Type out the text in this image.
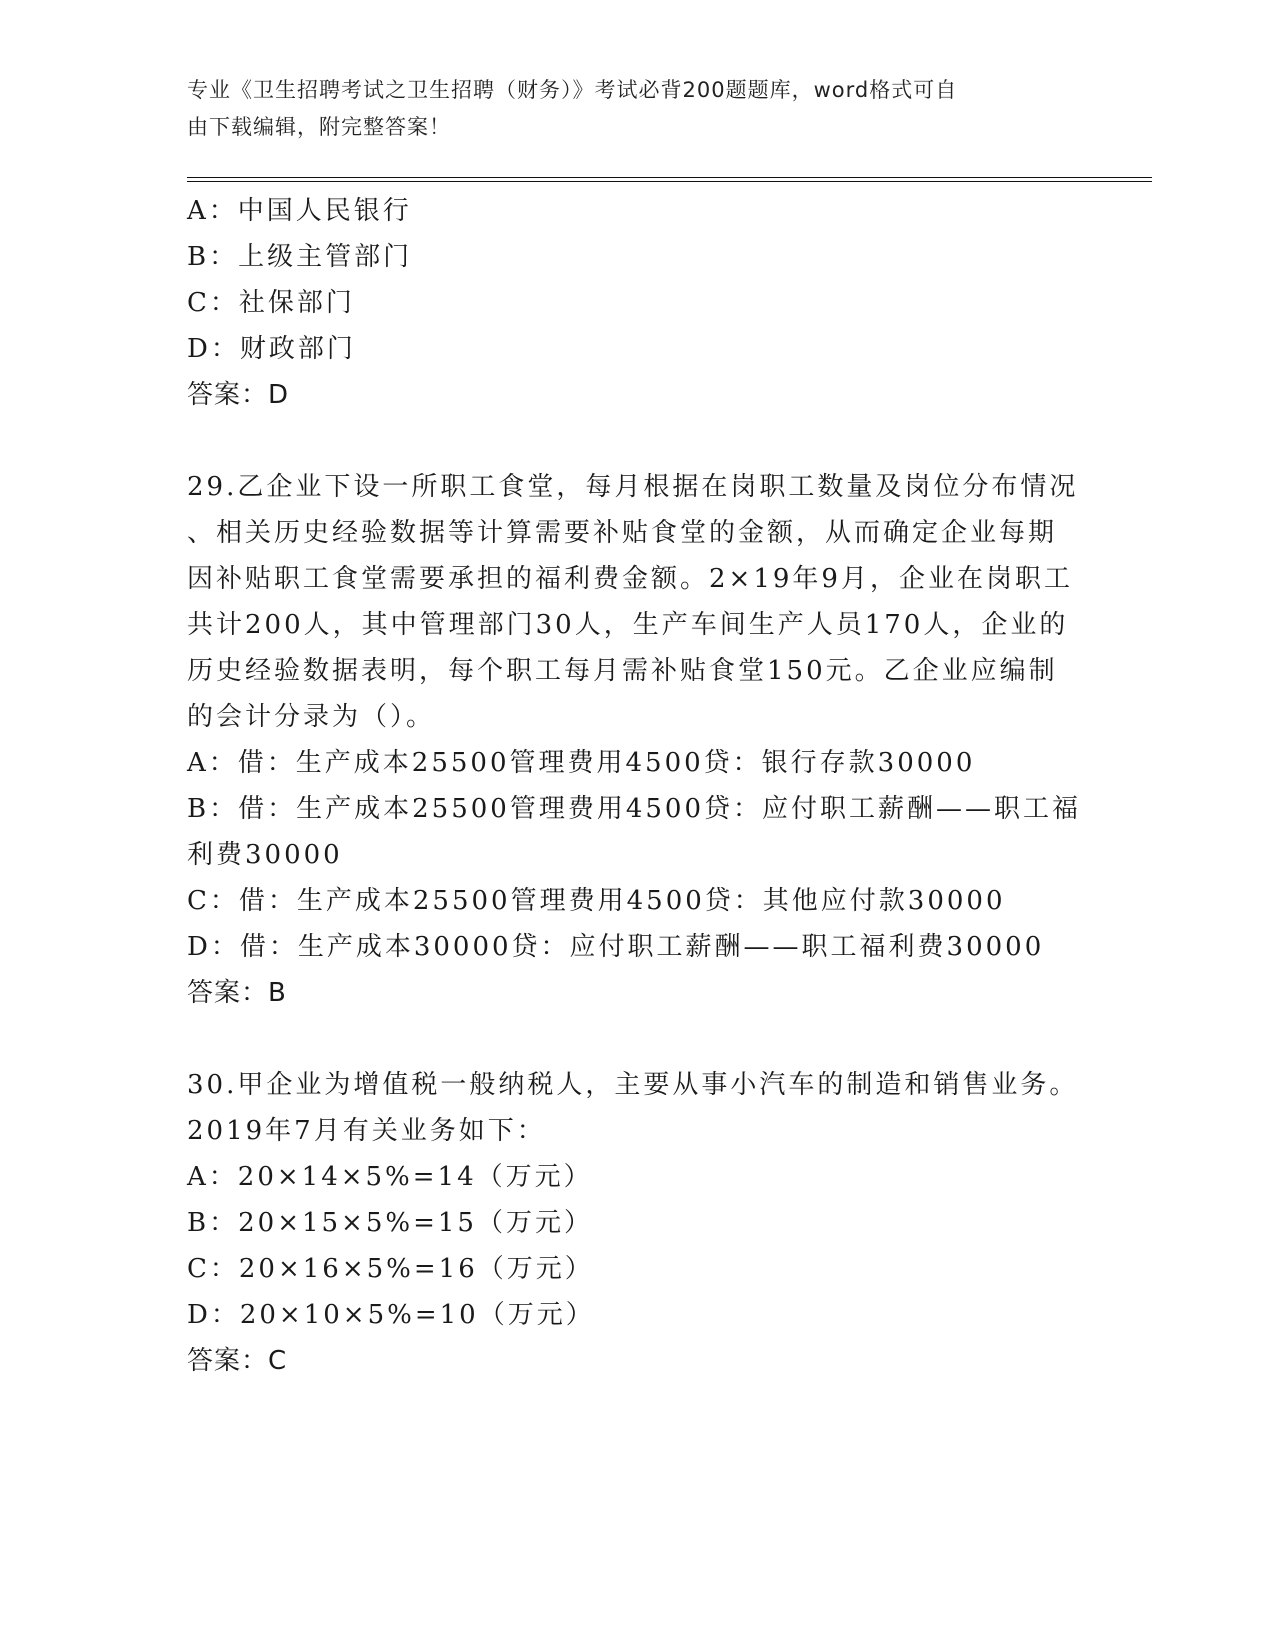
专业《卫生招聘考试之卫生招聘（财务）》考试必背200题题库，word格式可自
由下载编辑，附完整答案！
A：中国人民银行
B：上级主管部门
C：社保部门
D：财政部门
答案：D
29.乙企业下设一所职工食堂，每月根据在岗职工数量及岗位分布情况
、相关历史经验数据等计算需要补贴食堂的金额，从而确定企业每期
因补贴职工食堂需要承担的福利费金额。2×19年9月，企业在岗职工
共计200人，其中管理部门30人，生产车间生产人员170人，企业的
历史经验数据表明，每个职工每月需补贴食堂150元。乙企业应编制
的会计分录为（）。
A：借：生产成本25500管理费用4500贷：银行存款30000
B：借：生产成本25500管理费用4500贷：应付职工薪酬——职工福
利费30000
C：借：生产成本25500管理费用4500贷：其他应付款30000
D：借：生产成本30000贷：应付职工薪酬——职工福利费30000
答案：B
30.甲企业为增值税一般纳税人，主要从事小汽车的制造和销售业务。
2019年7月有关业务如下：
A：20×14×5%=14（万元）
B：20×15×5%=15（万元）
C：20×16×5%=16（万元）
D：20×10×5%=10（万元）
答案：C
